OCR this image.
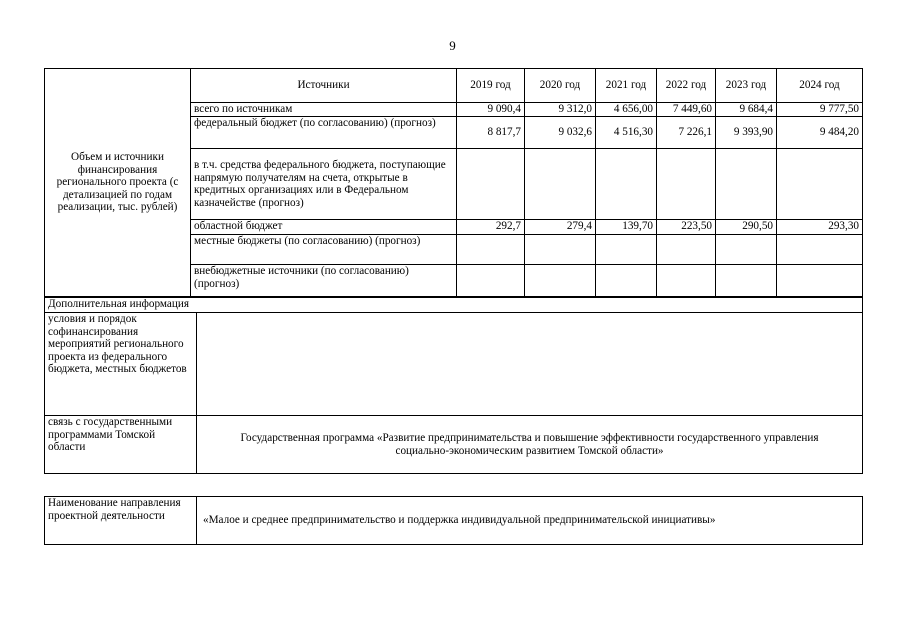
9
Объем и источники финансирования регионального проекта (с детализацией по годам реализации, тыс. рублей)	Источники	2019 год	2020 год	2021 год	2022 год	2023 год	2024 год
	всего по источникам	9 090,4	9 312,0	4 656,00	7 449,60	9 684,4	9 777,50
	федеральный бюджет (по согласованию) (прогноз)	8 817,7	9 032,6	4 516,30	7 226,1	9 393,90	9 484,20
	в т.ч. средства федерального бюджета, поступающие напрямую получателям на счета, открытые в кредитных организациях или в Федеральном казначействе (прогноз)						
	областной бюджет	292,7	279,4	139,70	223,50	290,50	293,30
	местные бюджеты (по согласованию) (прогноз)						
	внебюджетные источники (по согласованию) (прогноз)						
Дополнительная информация	
условия и порядок софинансирования мероприятий регионального проекта из федерального бюджета, местных бюджетов	
связь с государственными программами Томской области	Государственная программа «Развитие предпринимательства и повышение эффективности государственного управления социально-экономическим развитием Томской области»
Наименование направления проектной деятельности	«Малое и среднее предпринимательство и поддержка индивидуальной предпринимательской инициативы»
